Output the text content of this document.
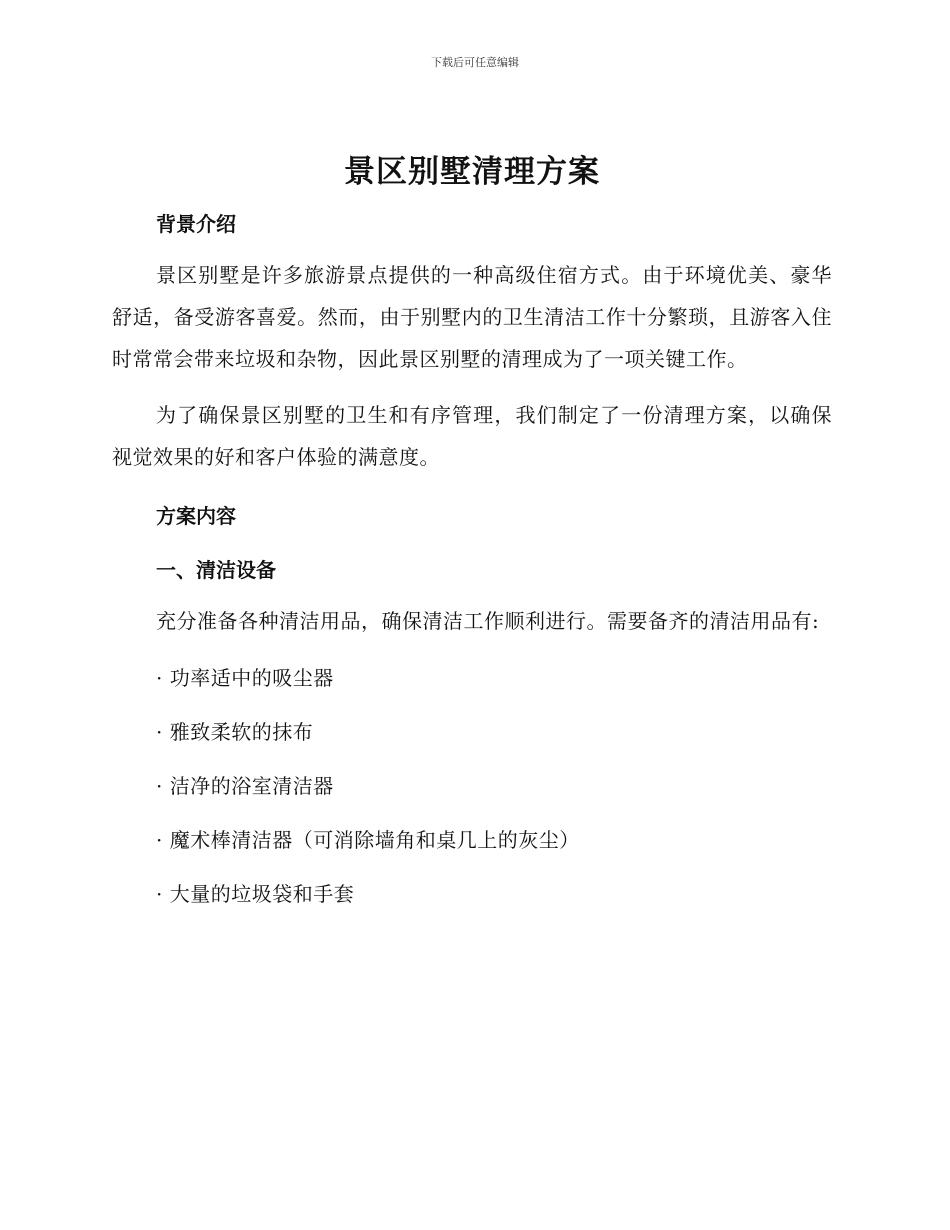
下载后可任意编辑
景区别墅清理方案
背景介绍

景区别墅是许多旅游景点提供的一种高级住宿方式。由于环境优美、豪华舒适，备受游客喜爱。然而，由于别墅内的卫生清洁工作十分繁琐，且游客入住时常常会带来垃圾和杂物，因此景区别墅的清理成为了一项关键工作。

为了确保景区别墅的卫生和有序管理，我们制定了一份清理方案，以确保视觉效果的好和客户体验的满意度。

方案内容
一、清洁设备

充分准备各种清洁用品，确保清洁工作顺利进行。需要备齐的清洁用品有:

· 功率适中的吸尘器
· 雅致柔软的抹布
· 洁净的浴室清洁器
· 魔术棒清洁器（可消除墙角和桌几上的灰尘）
· 大量的垃圾袋和手套
